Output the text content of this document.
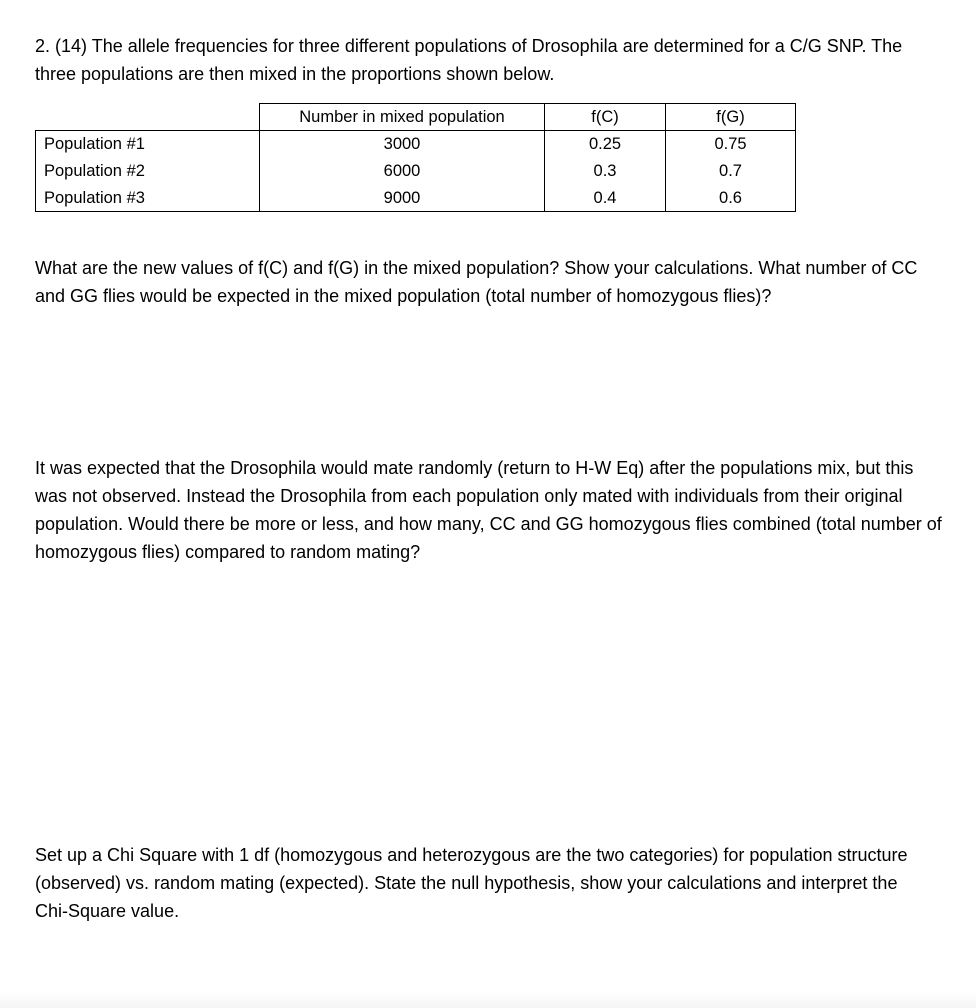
2. (14) The allele frequencies for three different populations of Drosophila are determined for a C/G SNP. The three populations are then mixed in the proportions shown below.

	Number in mixed population	f(C)	f(G)
Population #1	3000	0.25	0.75
Population #2	6000	0.3	0.7
Population #3	9000	0.4	0.6

What are the new values of f(C) and f(G) in the mixed population? Show your calculations. What number of CC and GG flies would be expected in the mixed population (total number of homozygous flies)?

It was expected that the Drosophila would mate randomly (return to H-W Eq) after the populations mix, but this was not observed. Instead the Drosophila from each population only mated with individuals from their original population. Would there be more or less, and how many, CC and GG homozygous flies combined (total number of homozygous flies) compared to random mating?

Set up a Chi Square with 1 df (homozygous and heterozygous are the two categories) for population structure (observed) vs. random mating (expected). State the null hypothesis, show your calculations and interpret the Chi-Square value.
